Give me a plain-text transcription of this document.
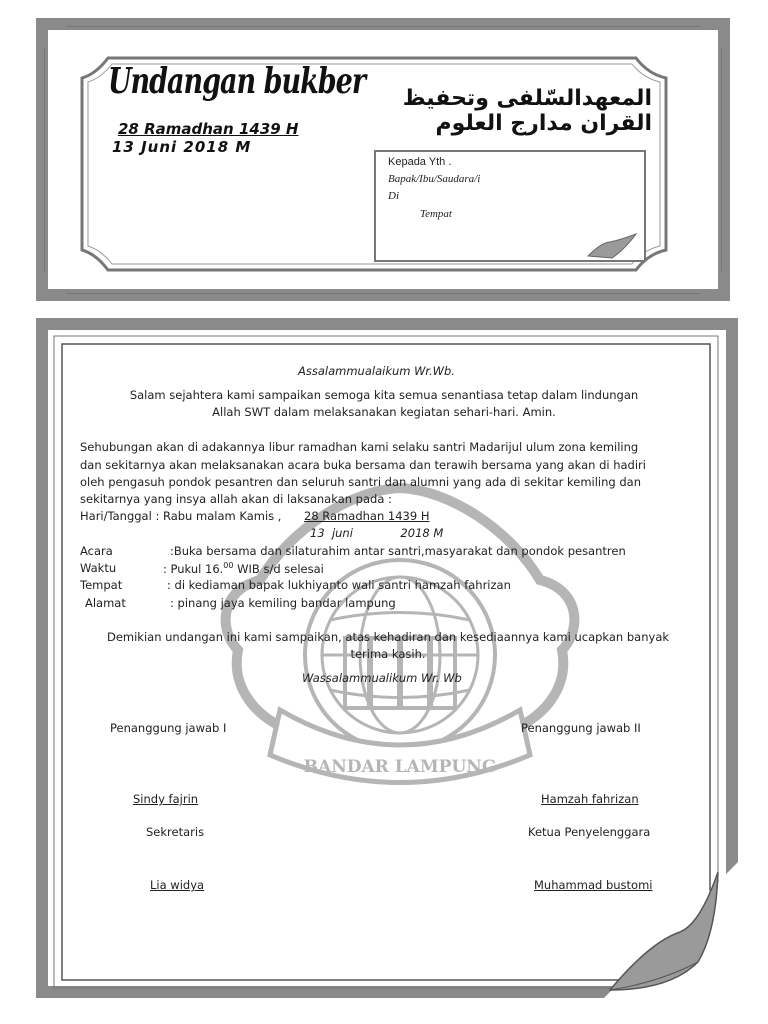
Undangan bukber
28 Ramadhan 1439 H
13 Juni 2018 M
المعهدالسّلفى وتحفيظ القران مدارج العلوم
Kepada Yth .
Bapak/Ibu/Saudara/i
Di
Tempat
BANDAR LAMPUNG
Assalammualaikum Wr.Wb.
Salam sejahtera kami sampaikan semoga kita semua senantiasa tetap dalam lindungan
Allah SWT dalam melaksanakan kegiatan sehari-hari. Amin.
Sehubungan akan di adakannya libur ramadhan kami selaku santri Madarijul ulum zona kemiling
dan sekitarnya akan melaksanakan acara buka bersama dan terawih bersama yang akan di hadiri
oleh pengasuh pondok pesantren dan seluruh santri dan alumni yang ada di sekitar kemiling dan
sekitarnya yang insya allah akan di laksanakan pada :
Hari/Tanggal : Rabu malam Kamis , 28 Ramadhan 1439 H
13  juni             2018 M
Acara	:Buka bersama dan silaturahim antar santri,masyarakat dan pondok pesantren
Waktu	: Pukul 16.00 WIB s/d selesai
Tempat	: di kediaman bapak lukhiyanto wali santri hamzah fahrizan
Alamat	: pinang jaya kemiling bandar lampung
Demikian undangan ini kami sampaikan, atas kehadiran dan kesediaannya kami ucapkan banyak
terima kasih.
Wassalammualikum Wr. Wb
Penanggung jawab I	Penanggung jawab II
Sindy fajrin	Hamzah fahrizan
Sekretaris	Ketua Penyelenggara
Lia widya	Muhammad bustomi
